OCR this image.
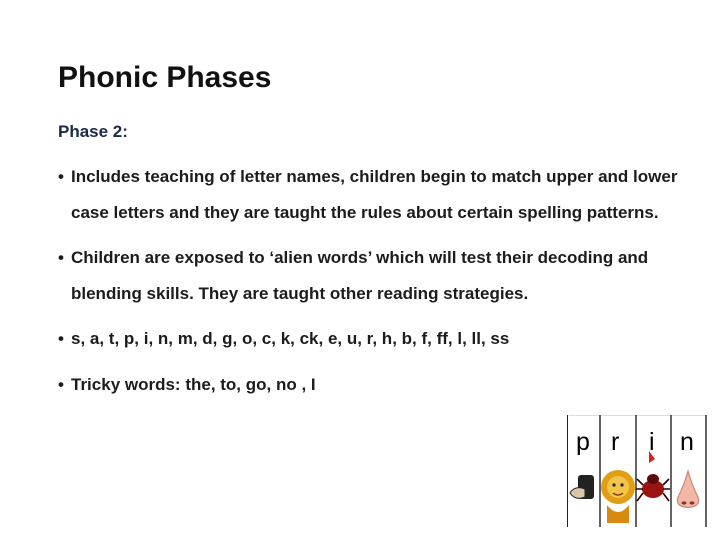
Phonic Phases
Phase 2:
• Includes teaching of letter names, children begin to match upper and lower case letters and they are taught the rules about certain spelling patterns.
• Children are exposed to ‘alien words’ which will test their decoding and blending skills. They are taught other reading strategies.
• s, a, t, p, i, n, m, d, g, o, c, k, ck, e, u, r, h, b, f, ff, l, ll, ss
• Tricky words: the, to, go, no , I
p r i n
